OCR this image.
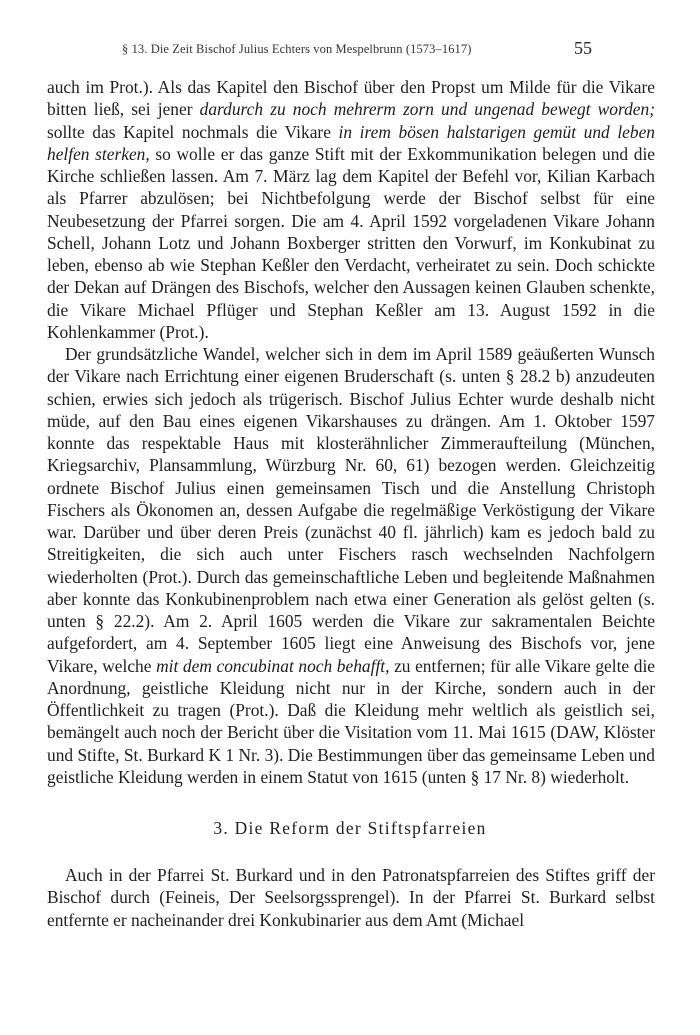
§ 13. Die Zeit Bischof Julius Echters von Mespelbrunn (1573–1617)	55

auch im Prot.). Als das Kapitel den Bischof über den Propst um Milde für die Vikare bitten ließ, sei jener dardurch zu noch mehrerm zorn und ungenad bewegt worden; sollte das Kapitel nochmals die Vikare in irem bösen halstarigen gemüt und leben helfen sterken, so wolle er das ganze Stift mit der Exkommunikation belegen und die Kirche schließen lassen. Am 7. März lag dem Kapitel der Befehl vor, Kilian Karbach als Pfarrer abzulösen; bei Nichtbefolgung werde der Bischof selbst für eine Neubesetzung der Pfarrei sorgen. Die am 4. April 1592 vorgeladenen Vikare Johann Schell, Johann Lotz und Johann Boxberger stritten den Vorwurf, im Konkubinat zu leben, ebenso ab wie Stephan Keßler den Verdacht, verheiratet zu sein. Doch schickte der Dekan auf Drängen des Bischofs, welcher den Aussagen keinen Glauben schenkte, die Vikare Michael Pflüger und Stephan Keßler am 13. August 1592 in die Kohlenkammer (Prot.).

Der grundsätzliche Wandel, welcher sich in dem im April 1589 geäußerten Wunsch der Vikare nach Errichtung einer eigenen Bruderschaft (s. unten § 28.2 b) anzudeuten schien, erwies sich jedoch als trügerisch. Bischof Julius Echter wurde deshalb nicht müde, auf den Bau eines eigenen Vikarshauses zu drängen. Am 1. Oktober 1597 konnte das respektable Haus mit klosterähnlicher Zimmeraufteilung (München, Kriegsarchiv, Plansammlung, Würzburg Nr. 60, 61) bezogen werden. Gleichzeitig ordnete Bischof Julius einen gemeinsamen Tisch und die Anstellung Christoph Fischers als Ökonomen an, dessen Aufgabe die regelmäßige Verköstigung der Vikare war. Darüber und über deren Preis (zunächst 40 fl. jährlich) kam es jedoch bald zu Streitigkeiten, die sich auch unter Fischers rasch wechselnden Nachfolgern wiederholten (Prot.). Durch das gemeinschaftliche Leben und begleitende Maßnahmen aber konnte das Konkubinenproblem nach etwa einer Generation als gelöst gelten (s. unten § 22.2). Am 2. April 1605 werden die Vikare zur sakramentalen Beichte aufgefordert, am 4. September 1605 liegt eine Anweisung des Bischofs vor, jene Vikare, welche mit dem concubinat noch behafft, zu entfernen; für alle Vikare gelte die Anordnung, geistliche Kleidung nicht nur in der Kirche, sondern auch in der Öffentlichkeit zu tragen (Prot.). Daß die Kleidung mehr weltlich als geistlich sei, bemängelt auch noch der Bericht über die Visitation vom 11. Mai 1615 (DAW, Klöster und Stifte, St. Burkard K 1 Nr. 3). Die Bestimmungen über das gemeinsame Leben und geistliche Kleidung werden in einem Statut von 1615 (unten § 17 Nr. 8) wiederholt.

3. Die Reform der Stiftspfarreien

Auch in der Pfarrei St. Burkard und in den Patronatspfarreien des Stiftes griff der Bischof durch (Feineis, Der Seelsorgssprengel). In der Pfarrei St. Burkard selbst entfernte er nacheinander drei Konkubinarier aus dem Amt (Michael
